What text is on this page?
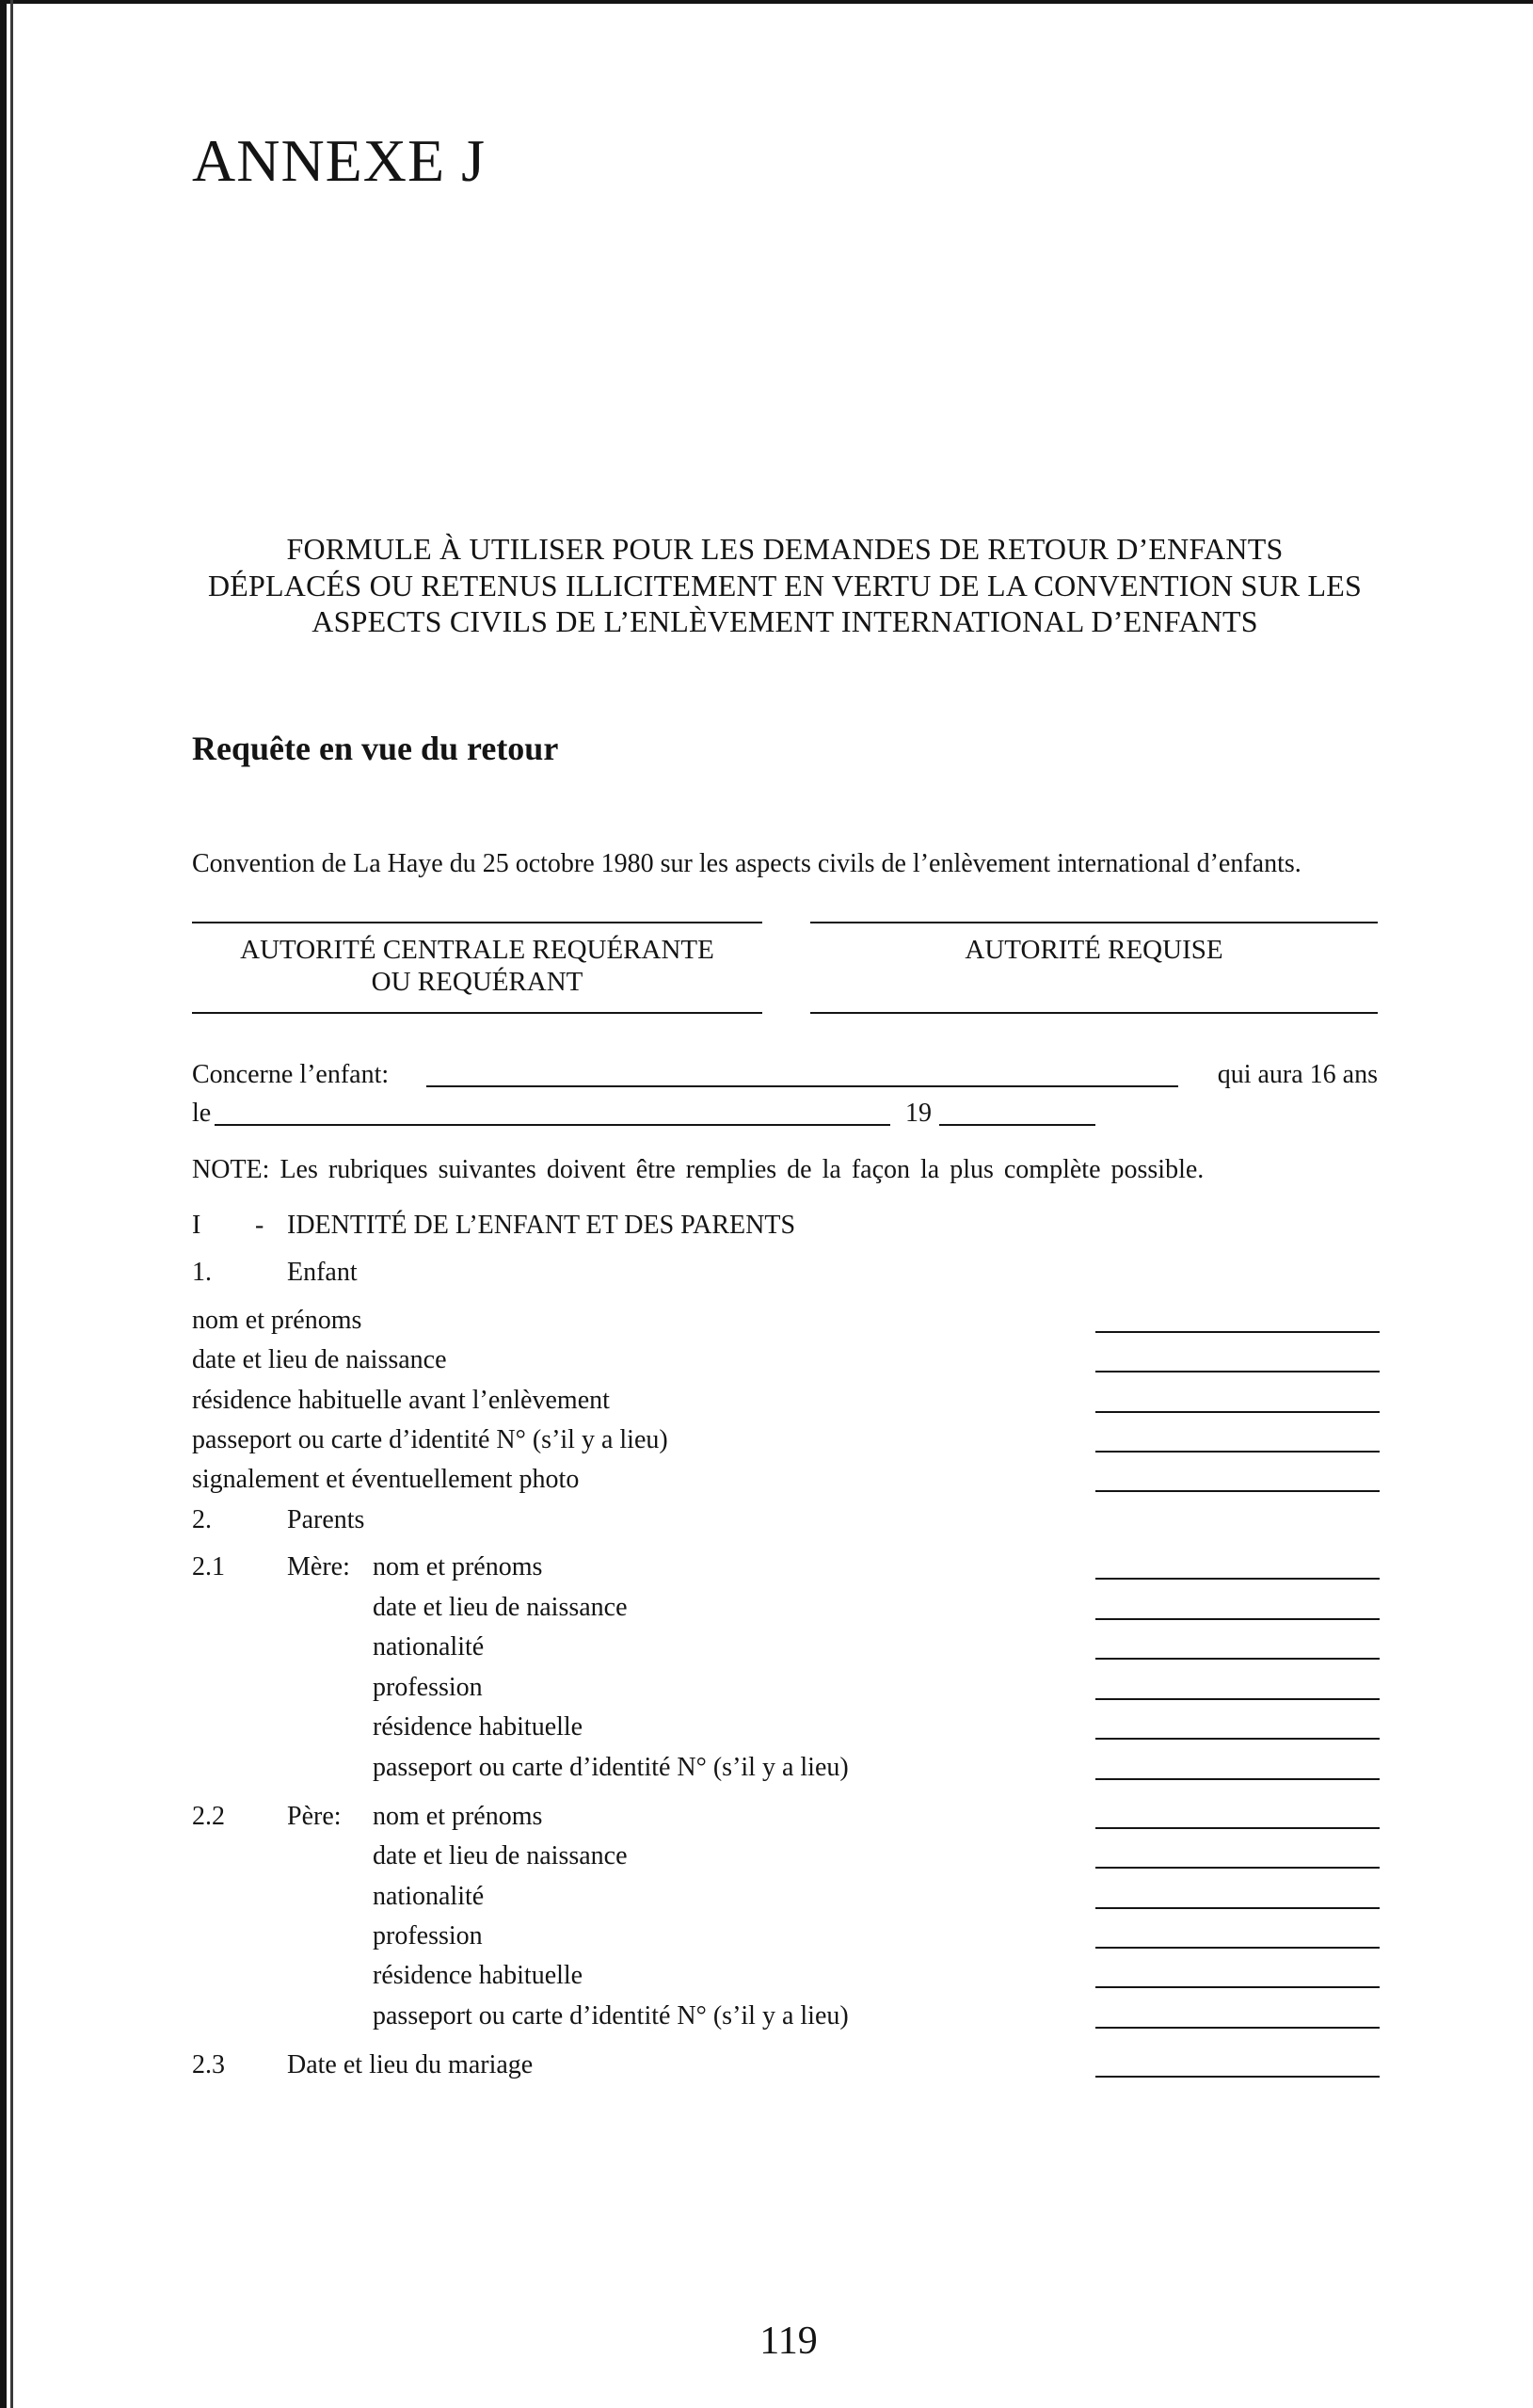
ANNEXE J
FORMULE À UTILISER POUR LES DEMANDES DE RETOUR D’ENFANTS
DÉPLACÉS OU RETENUS ILLICITEMENT EN VERTU DE LA CONVENTION SUR LES
ASPECTS CIVILS DE L’ENLÈVEMENT INTERNATIONAL D’ENFANTS
Requête en vue du retour
Convention de La Haye du 25 octobre 1980 sur les aspects civils de l’enlèvement international d’enfants.
AUTORITÉ CENTRALE REQUÉRANTE
OU REQUÉRANT
AUTORITÉ REQUISE
Concerne l’enfant:	qui aura 16 ans
le	19
NOTE: Les rubriques suivantes doivent être remplies de la façon la plus complète possible.
I - IDENTITÉ DE L’ENFANT ET DES PARENTS
1.	Enfant
nom et prénoms
date et lieu de naissance
résidence habituelle avant l’enlèvement
passeport ou carte d’identité N° (s’il y a lieu)
signalement et éventuellement photo
2.	Parents
2.1 Mère: nom et prénoms
date et lieu de naissance
nationalité
profession
résidence habituelle
passeport ou carte d’identité N° (s’il y a lieu)
2.2 Père: nom et prénoms
date et lieu de naissance
nationalité
profession
résidence habituelle
passeport ou carte d’identité N° (s’il y a lieu)
2.3 Date et lieu du mariage
119
